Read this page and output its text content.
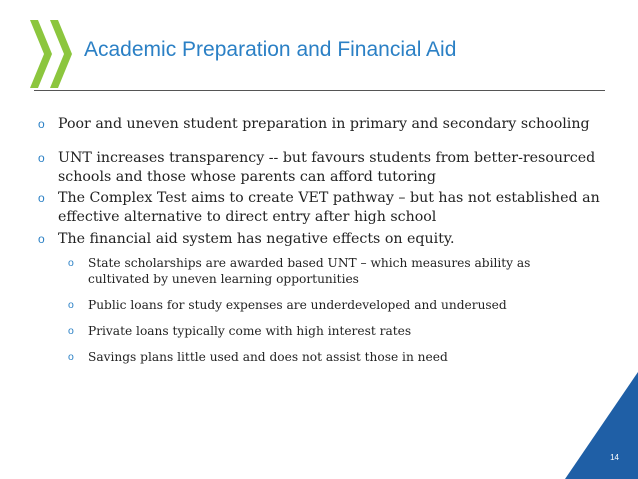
Academic Preparation and Financial Aid
o Poor and uneven student preparation in primary and secondary schooling
o UNT increases transparency -- but favours students from better-resourced schools and those whose parents can afford tutoring
o The Complex Test aims to create VET pathway – but has not established an effective alternative to direct entry after high school
o The financial aid system has negative effects on equity.
o State scholarships are awarded based UNT – which measures ability as cultivated by uneven learning opportunities
o Public loans for study expenses are underdeveloped and underused
o Private loans typically come with high interest rates
o Savings plans little used and does not assist those in need
14
